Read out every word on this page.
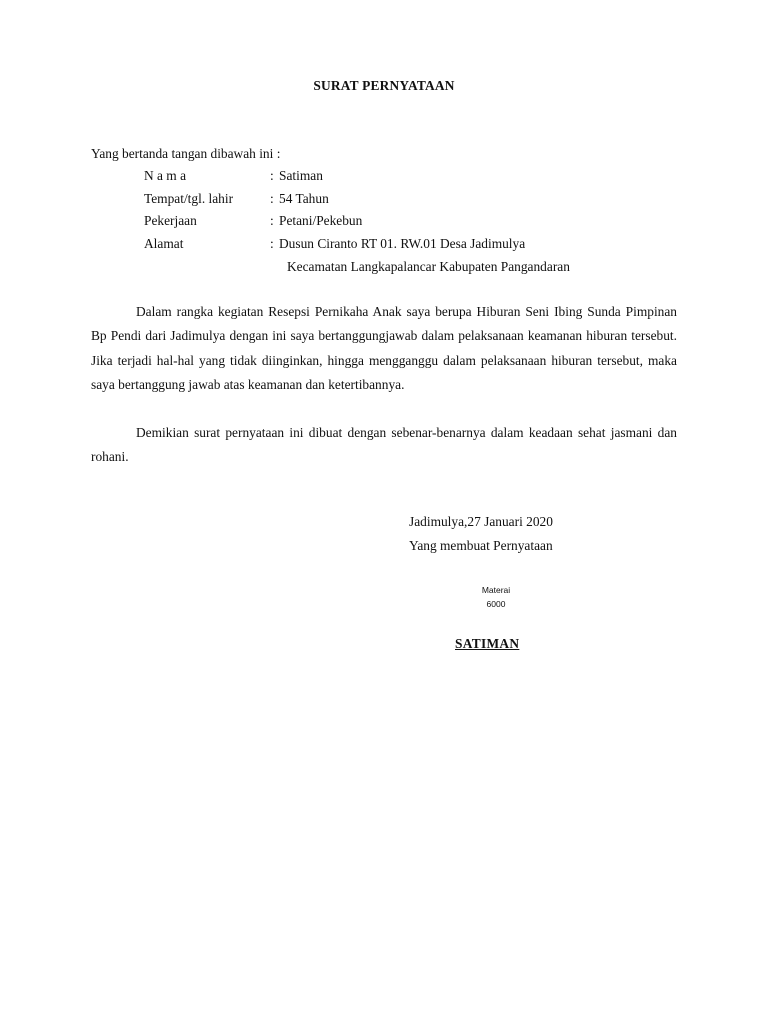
SURAT PERNYATAAN
Yang bertanda tangan dibawah ini :
N a m a	: Satiman
Tempat/tgl. lahir	: 54 Tahun
Pekerjaan	: Petani/Pekebun
Alamat	: Dusun Ciranto RT 01. RW.01 Desa Jadimulya
Kecamatan Langkapalancar Kabupaten Pangandaran

Dalam rangka kegiatan Resepsi Pernikaha Anak saya berupa Hiburan Seni Ibing Sunda Pimpinan Bp Pendi dari Jadimulya dengan ini saya bertanggungjawab dalam pelaksanaan keamanan hiburan tersebut. Jika terjadi hal-hal yang tidak diinginkan, hingga mengganggu dalam pelaksanaan hiburan tersebut, maka saya bertanggung jawab atas keamanan dan ketertibannya.

Demikian surat pernyataan ini dibuat dengan sebenar-benarnya dalam keadaan sehat jasmani dan rohani.

Jadimulya,27 Januari 2020
Yang membuat Pernyataan
Materai
6000
SATIMAN
